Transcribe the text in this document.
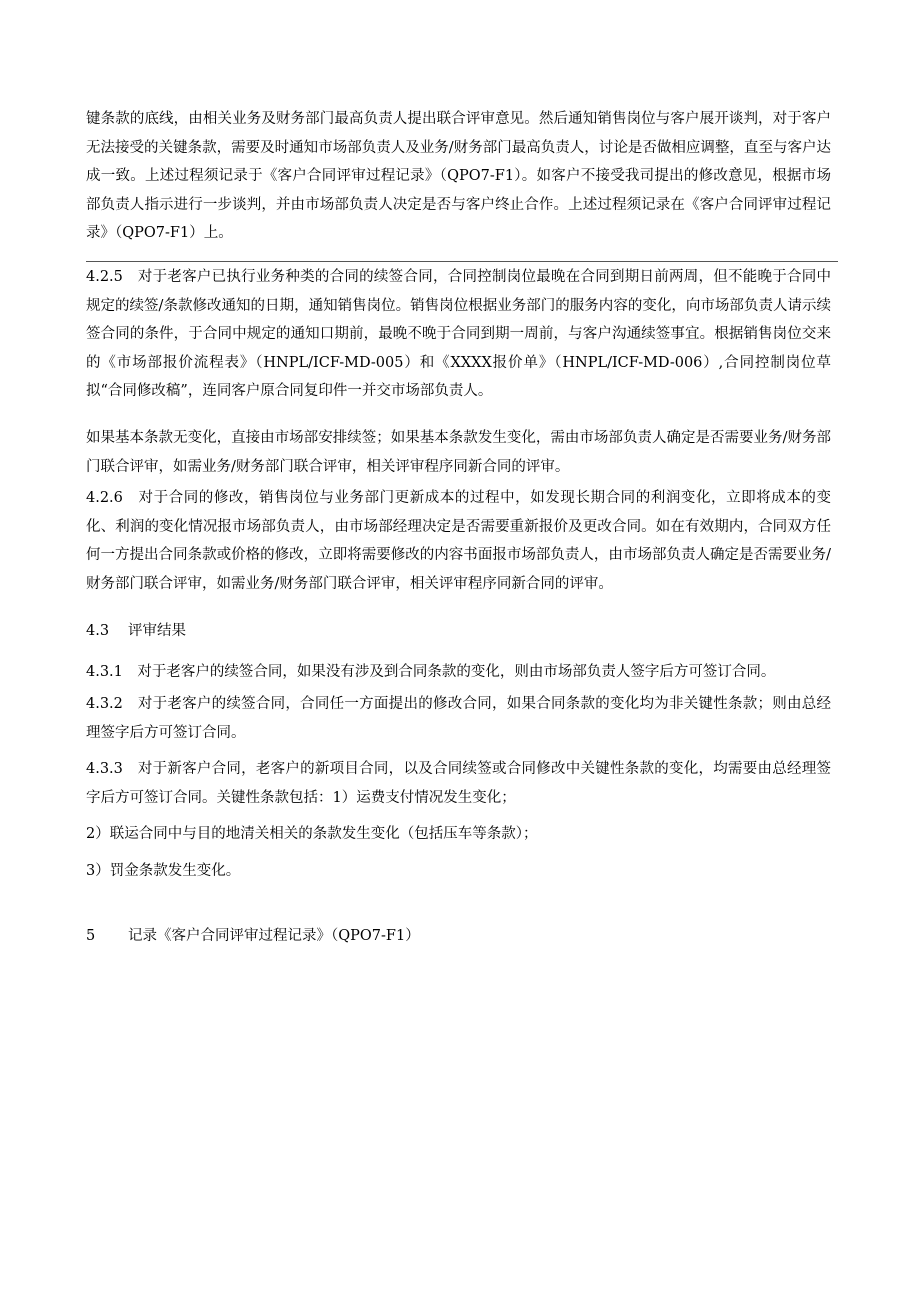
键条款的底线，由相关业务及财务部门最高负责人提出联合评审意见。然后通知销售岗位与客户展开谈判，对于客户无法接受的关键条款，需要及时通知市场部负责人及业务/财务部门最高负责人，讨论是否做相应调整，直至与客户达成一致。上述过程须记录于《客户合同评审过程记录》（QPO7-F1）。如客户不接受我司提出的修改意见，根据市场部负责人指示进行一步谈判，并由市场部负责人决定是否与客户终止合作。上述过程须记录在《客户合同评审过程记录》（QPO7-F1）上。

4.2.5　对于老客户已执行业务种类的合同的续签合同，合同控制岗位最晚在合同到期日前两周，但不能晚于合同中规定的续签/条款修改通知的日期，通知销售岗位。销售岗位根据业务部门的服务内容的变化，向市场部负责人请示续签合同的条件，于合同中规定的通知口期前，最晚不晚于合同到期一周前，与客户沟通续签事宜。根据销售岗位交来的《市场部报价流程表》（HNPL/ICF-MD-005）和《XXXX报价单》（HNPL/ICF-MD-006）,合同控制岗位草拟“合同修改稿”，连同客户原合同复印件一并交市场部负责人。

如果基本条款无变化，直接由市场部安排续签；如果基本条款发生变化，需由市场部负责人确定是否需要业务/财务部门联合评审，如需业务/财务部门联合评审，相关评审程序同新合同的评审。

4.2.6　对于合同的修改，销售岗位与业务部门更新成本的过程中，如发现长期合同的利润变化，立即将成本的变化、利润的变化情况报市场部负责人，由市场部经理决定是否需要重新报价及更改合同。如在有效期内，合同双方任何一方提出合同条款或价格的修改，立即将需要修改的内容书面报市场部负责人，由市场部负责人确定是否需要业务/财务部门联合评审，如需业务/财务部门联合评审，相关评审程序同新合同的评审。

4.3 评审结果

4.3.1　对于老客户的续签合同，如果没有涉及到合同条款的变化，则由市场部负责人签字后方可签订合同。

4.3.2　对于老客户的续签合同，合同任一方面提出的修改合同，如果合同条款的变化均为非关键性条款；则由总经理签字后方可签订合同。

4.3.3　对于新客户合同，老客户的新项目合同，以及合同续签或合同修改中关键性条款的变化，均需要由总经理签字后方可签订合同。关键性条款包括：1）运费支付情况发生变化；

2）联运合同中与目的地清关相关的条款发生变化（包括压车等条款）；

3）罚金条款发生变化。

5 记录《客户合同评审过程记录》（QPO7-F1）
